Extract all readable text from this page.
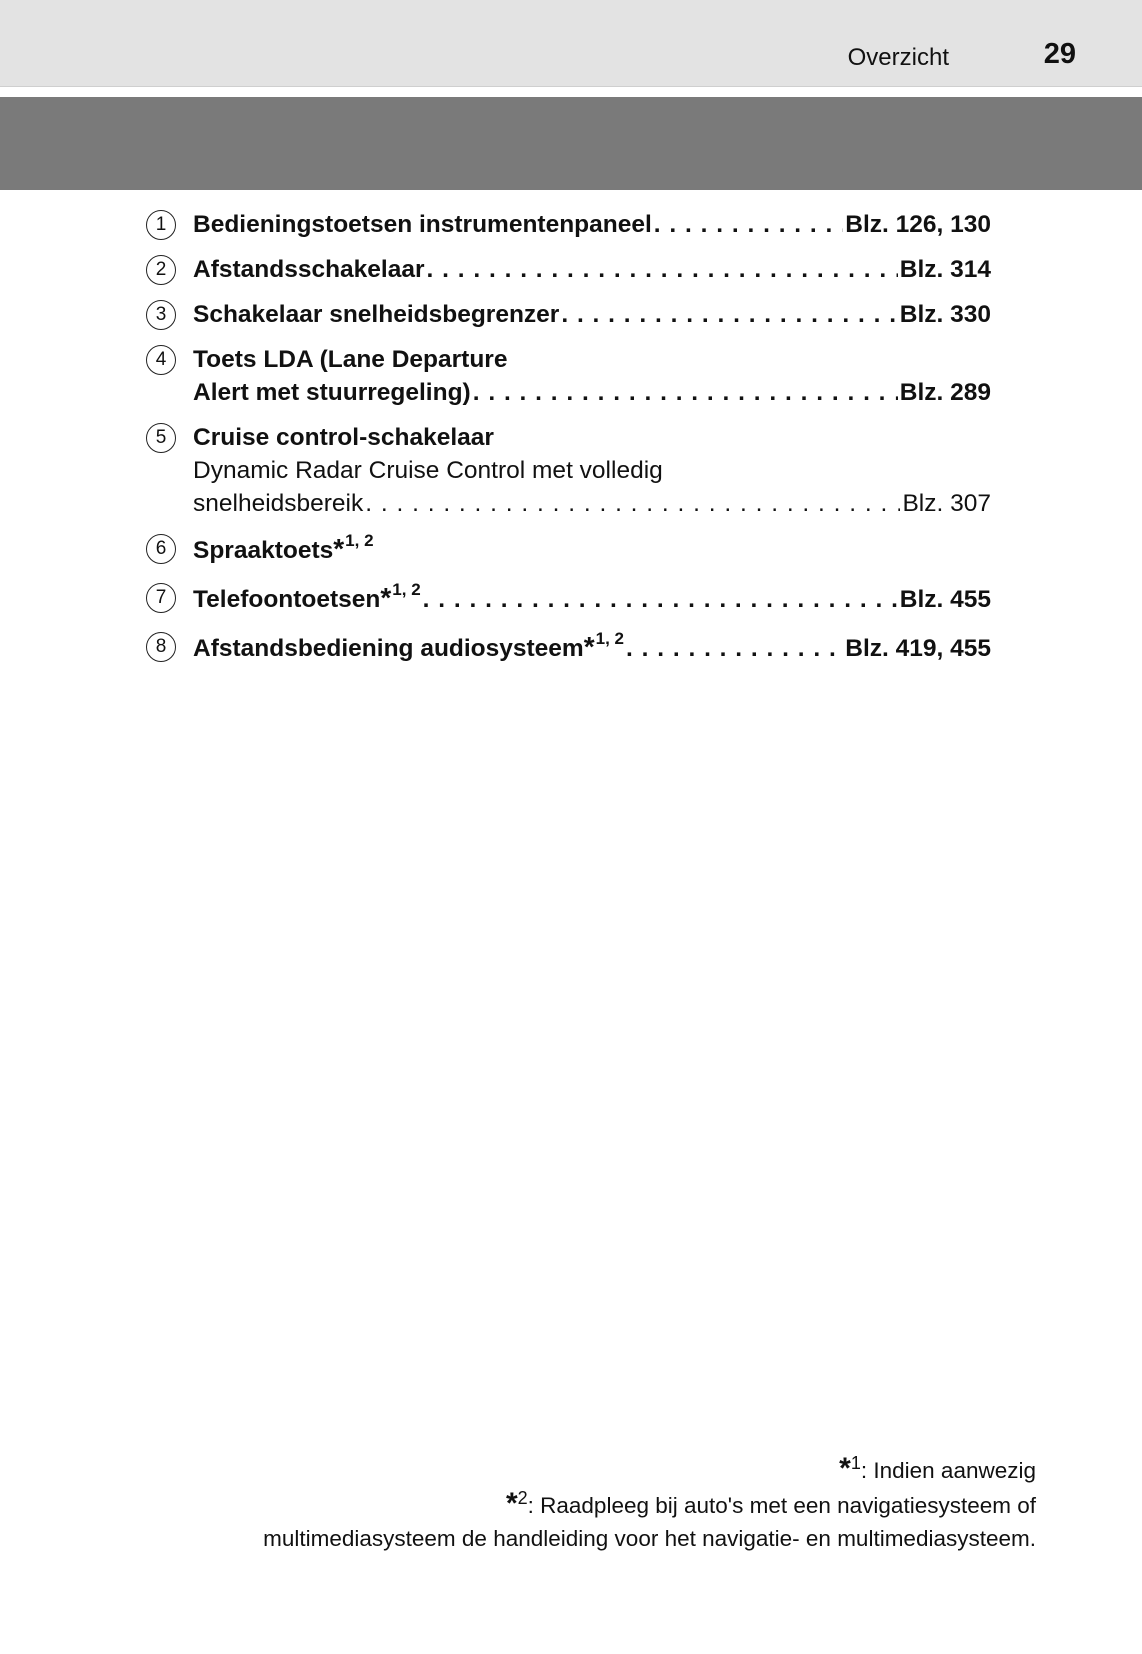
Overzicht	29
1	Bedieningstoetsen instrumentenpaneel . . .	Blz. 126, 130
2	Afstandsschakelaar . . .	Blz. 314
3	Schakelaar snelheidsbegrenzer . . .	Blz. 330
4	Toets LDA (Lane Departure
Alert met stuurregeling) . . .	Blz. 289
5	Cruise control-schakelaar
Dynamic Radar Cruise Control met volledig
snelheidsbereik . . .	Blz. 307
6	Spraaktoets*$^{1, 2}$
7	Telefoontoetsen*$^{1, 2}$ . . .	Blz. 455
8	Afstandsbediening audiosysteem*$^{1, 2}$ . . .	Blz. 419, 455
*$^1$: Indien aanwezig
*$^2$: Raadpleeg bij auto's met een navigatiesysteem of
multimediasysteem de handleiding voor het navigatie- en multimediasysteem.
